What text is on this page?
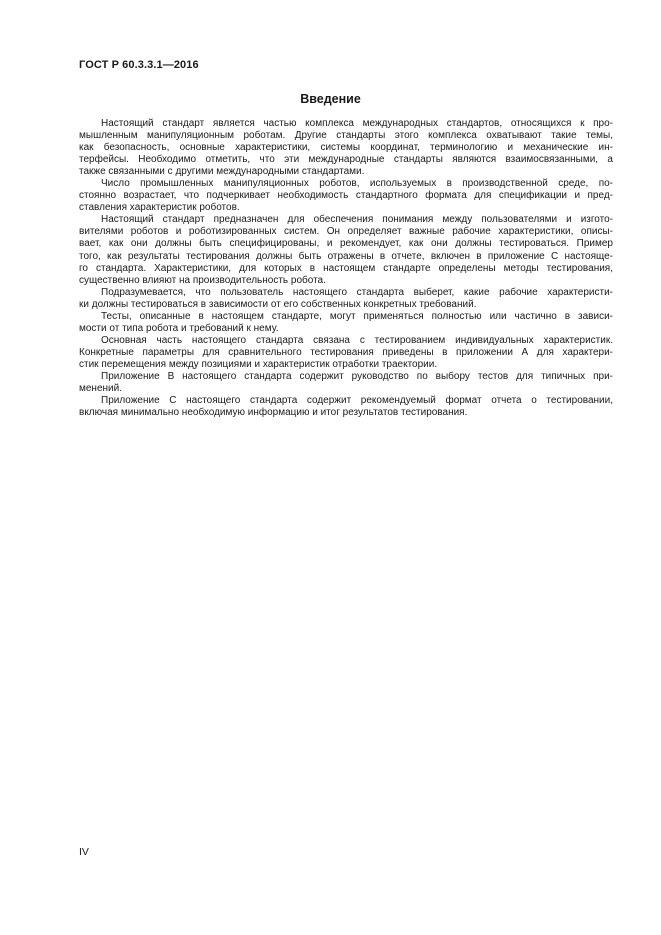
ГОСТ Р 60.3.3.1—2016
Введение
Настоящий стандарт является частью комплекса международных стандартов, относящихся к про-
мышленным манипуляционным роботам. Другие стандарты этого комплекса охватывают такие темы,
как безопасность, основные характеристики, системы координат, терминологию и механические ин-
терфейсы. Необходимо отметить, что эти международные стандарты являются взаимосвязанными, а
также связанными с другими международными стандартами.
Число промышленных манипуляционных роботов, используемых в производственной среде, по-
стоянно возрастает, что подчеркивает необходимость стандартного формата для спецификации и пред-
ставления характеристик роботов.
Настоящий стандарт предназначен для обеспечения понимания между пользователями и изгото-
вителями роботов и роботизированных систем. Он определяет важные рабочие характеристики, описы-
вает, как они должны быть специфицированы, и рекомендует, как они должны тестироваться. Пример
того, как результаты тестирования должны быть отражены в отчете, включен в приложение С настояще-
го стандарта. Характеристики, для которых в настоящем стандарте определены методы тестирования,
существенно влияют на производительность робота.
Подразумевается, что пользователь настоящего стандарта выберет, какие рабочие характеристи-
ки должны тестироваться в зависимости от его собственных конкретных требований.
Тесты, описанные в настоящем стандарте, могут применяться полностью или частично в зависи-
мости от типа робота и требований к нему.
Основная часть настоящего стандарта связана с тестированием индивидуальных характеристик.
Конкретные параметры для сравнительного тестирования приведены в приложении А для характери-
стик перемещения между позициями и характеристик отработки траектории.
Приложение В настоящего стандарта содержит руководство по выбору тестов для типичных при-
менений.
Приложение С настоящего стандарта содержит рекомендуемый формат отчета о тестировании,
включая минимально необходимую информацию и итог результатов тестирования.
IV
